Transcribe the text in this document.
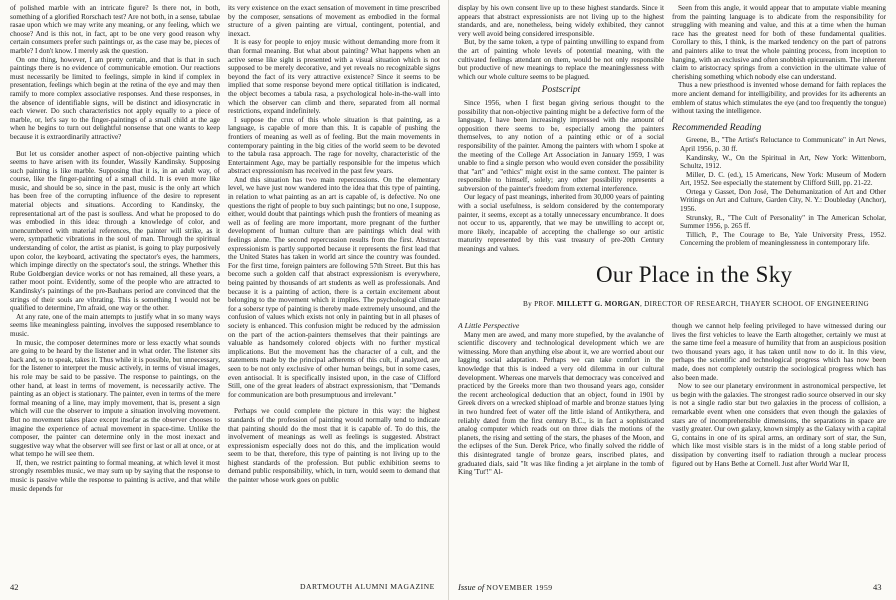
of polished marble with an intricate figure? Is there not, in both, something of a glorified Rorschach test? Are not both, in a sense, tabulae rasae upon which we may write any meaning, or any feeling, which we choose? And is this not, in fact, apt to be one very good reason why certain consumers prefer such paintings or, as the case may be, pieces of marble? I don't know. I merely ask the question.

On one thing, however, I am pretty certain, and that is that in such paintings there is no evidence of communicable emotion. Our reactions must necessarily be limited to feelings, simple in kind if complex in presentation, feelings which begin at the retina of the eye and may then ramify to more complex associative responses. And these responses, in the absence of identifiable signs, will be distinct and idiosyncratic in each viewer. Do such characteristics not apply equally to a piece of marble, or, let's say to the finger-paintings of a small child at the age when he begins to turn out delightful nonsense that one wants to keep because it is extraordinarily attractive?

But let us consider another aspect of non-objective painting which seems to have arisen with its founder, Wassily Kandinsky. Supposing such painting is like marble. Supposing that it is, in an adult way, of course, like the finger-painting of a small child. It is even more like music, and should be so, since in the past, music is the only art which has been free of the corrupting influence of the desire to represent material objects and situations. According to Kandinsky, the representational art of the past is soulless. And what he proposed to do was embodied in this idea: through a knowledge of color, and unencumbered with material references, the painter will strike, as it were, sympathetic vibrations in the soul of man. Through the spiritual understanding of color, the artist as pianist, is going to play purposively upon color, the keyboard, activating the spectator's eyes, the hammers, which impinge directly on the spectator's soul, the strings. Whether this Rube Goldbergian device works or not has remained, all these years, a rather moot point. Evidently, some of the people who are attracted to Kandinsky's paintings of the pre-Bauhaus period are convinced that the strings of their souls are vibrating. This is something I would not be qualified to determine, I'm afraid, one way or the other.

At any rate, one of the main attempts to justify what in so many ways seems like meaningless painting, involves the supposed resemblance to music.

In music, the composer determines more or less exactly what sounds are going to be heard by the listener and in what order. The listener sits back and, so to speak, takes it. Thus while it is possible, but unnecessary, for the listener to interpret the music actively, in terms of visual images, his role may be said to be passive. The response to paintings, on the other hand, at least in terms of movement, is necessarily active. The painting as an object is stationary. The painter, even in terms of the mere formal meaning of a line, may imply movement, that is, present a sign which will cue the observer to impute a situation involving movement. But no movement takes place except insofar as the observer chooses to imagine the experience of actual movement in space-time. Unlike the composer, the painter can determine only in the most inexact and suggestive way what the observer will see first or last or all at once, or at what tempo he will see them.

If, then, we restrict painting to formal meaning, at which level it most strongly resembles music, we may sum up by saying that the response to music is passive while the response to painting is active, and that while music depends for

its very existence on the exact sensation of movement in time prescribed by the composer, sensations of movement as embodied in the formal structure of a given painting are virtual, contingent, potential, and inexact.

It is easy for people to enjoy music without demanding more from it than formal meaning. But what about painting? What happens when an active sense like sight is presented with a visual situation which is not supposed to be merely decorative, and yet reveals no recognizable signs beyond the fact of its very attractive existence? Since it seems to be implied that some response beyond mere optical titillation is indicated, the object becomes a tabula rasa, a psychological hole-in-the-wall into which the observer can climb and there, separated from all normal restrictions, expand indefinitely.

I suppose the crux of this whole situation is that painting, as a language, is capable of more than this. It is capable of pushing the frontiers of meaning as well as of feeling. But the main movements in contemporary painting in the big cities of the world seem to be devoted to the tabula rasa approach. The rage for novelty, characteristic of the Entertainment Age, may be partially responsible for the impetus which abstract expressionism has received in the past few years.

And this situation has two main repercussions. On the elementary level, we have just now wandered into the idea that this type of painting, in relation to what painting as an art is capable of, is defective. No one questions the right of people to buy such paintings; but no one, I suppose, either, would doubt that paintings which push the frontiers of meaning as well as of feeling are more important, more pregnant of the further development of human culture than are paintings which deal with feelings alone. The second repercussion results from the first. Abstract expressionism is partly supported because it represents the first lead that the United States has taken in world art since the country was founded. For the first time, foreign painters are following 57th Street. But this has become such a golden calf that abstract expressionism is everywhere, being painted by thousands of art students as well as professionals. And because it is a painting of action, there is a certain excitement about belonging to the movement which it implies. The psychological climate for a sobersr type of painting is thereby made extremely unsound, and the confusion of values which exists not only in painting but in all phases of society is enhanced. This confusion might be reduced by the admission on the part of the action-painters themselves that their paintings are valuable as handsomely colored objects with no further mystical implications. But the movement has the character of a cult, and the statements made by the principal adherents of this cult, if analyzed, are seen to be not only exclusive of other human beings, but in some cases, even antisocial. It is specifically insisted upon, in the case of Clifford Still, one of the great leaders of abstract expressionism, that "Demands for communication are both presumptuous and irrelevant."

Perhaps we could complete the picture in this way: the highest standards of the profession of painting would normally tend to indicate that painting should do the most that it is capable of. To do this, the involvement of meanings as well as feelings is suggested. Abstract expressionism especially does not do this, and the implication would seem to be that, therefore, this type of painting is not living up to the highest standards of the profession. But public exhibition seems to demand public responsibility, which, in turn, would seem to demand that the painter whose work goes on public

display by his own consent live up to these highest standards. Since it appears that abstract expressionists are not living up to the highest standards, and are, nonetheless, being widely exhibited, they cannot very well avoid being considered irresponsible.

But, by the same token, a type of painting unwilling to expand from the art of painting whole levels of potential meaning, with the cultivated feelings attendant on them, would be not only responsible but productive of new meanings to replace the meaninglessness with which our whole culture seems to be plagued.

Postscript

Since 1956, when I first began giving serious thought to the possibility that non-objective painting might be a defective form of the language, I have been increasingly impressed with the amount of opposition there seems to be, especially among the painters themselves, to any notion of a painting ethic or of a social responsibility of the painter. Among the painters with whom I spoke at the meeting of the College Art Association in January 1959, I was unable to find a single person who would even consider the possibility that "art" and "ethics" might exist in the same context. The painter is responsible to himself, solely; any other possibility represents a subversion of the painter's freedom from external interference.

Our legacy of past meanings, inherited from 30,000 years of painting with a social usefulness, is seldom considered by the contemporary painter, it seems, except as a totally unnecessary encumbrance. It does not occur to us, apparently, that we may be unwilling to accept or, more likely, incapable of accepting the challenge so our artistic maturity represented by this vast treasury of pre-20th Century meanings and values.

Seen from this angle, it would appear that to amputate viable meaning from the painting language is to abdicate from the responsibility for struggling with meaning and value, and this at a time when the human race has the greatest need for both of these fundamental qualities. Corollary to this, I think, is the marked tendency on the part of patrons and painters alike to treat the whole painting process, from inception to hanging, with an exclusive and often snobbish epicureanism. The inherent claim to aristocracy springs from a conviction in the ultimate value of cherishing something which nobody else can understand.

Thus a new priesthood is invented whose demand for faith replaces the more ancient demand for intelligibility, and provides for its adherents an emblem of status which stimulates the eye (and too frequently the tongue) without taxing the intelligence.

Recommended Reading

Greene, B., "The Artist's Reluctance to Communicate" in Art News, April 1956, p. 30 ff.

Kandinsky, W., On the Spiritual in Art, New York: Wittenborn, Schultz, 1912.

Miller, D. C. (ed.), 15 Americans, New York: Museum of Modern Art, 1952. See especially the statement by Clifford Still, pp. 21-22.

Ortega y Gasset, Don José, The Dehumanization of Art and Other Writings on Art and Culture, Garden City, N. Y.: Doubleday (Anchor), 1956.

Strunsky, R., "The Cult of Personality" in The American Scholar, Summer 1956, p. 265 ff.

Tillich, P., The Courage to Be, Yale University Press, 1952. Concerning the problem of meaninglessness in contemporary life.

Our Place in the Sky
By PROF. MILLETT G. MORGAN, DIRECTOR OF RESEARCH, THAYER SCHOOL OF ENGINEERING

A Little Perspective

Many men are awed, and many more stupefied, by the avalanche of scientific discovery and technological development which we are witnessing. More than anything else about it, we are worried about our lagging social adaptation. Perhaps we can take comfort in the knowledge that this is indeed a very old dilemma in our cultural development. Whereas one marvels that democracy was conceived and practiced by the Greeks more than two thousand years ago, consider the recent archeological deduction that an object, found in 1901 by Greek divers on a wrecked shipload of marble and bronze statues lying in two hundred feet of water off the little island of Antikythera, and reliably dated from the first century B.C., is in fact a sophisticated analog computer which reads out on three dials the motions of the planets, the rising and setting of the stars, the phases of the Moon, and the eclipses of the Sun. Derek Price, who finally solved the riddle of this disintegrated tangle of bronze gears, inscribed plates, and graduated dials, said "It was like finding a jet airplane in the tomb of King 'Tut'!" Al-

though we cannot help feeling privileged to have witnessed during our lives the first vehicles to leave the Earth altogether, certainly we must at the same time feel a measure of humility that from an auspicious position two thousand years ago, it has taken until now to do it. In this view, perhaps the scientific and technological progress which has now been made, does not completely outstrip the sociological progress which has also been made.

Now to see our planetary environment in astronomical perspective, let us begin with the galaxies. The strongest radio source observed in our sky is not a single radio star but two galaxies in the process of collision, a remarkable event when one considers that even though the galaxies of stars are of incomprehensible dimensions, the separations in space are vastly greater. Our own galaxy, known simply as the Galaxy with a capital G, contains in one of its spiral arms, an ordinary sort of star, the Sun, which like most visible stars is in the midst of a long stable period of dissipation by converting itself to radiation through a nuclear process figured out by Hans Bethe at Cornell. Just after World War II,

42	DARTMOUTH ALUMNI MAGAZINE	Issue of NOVEMBER 1959	43
